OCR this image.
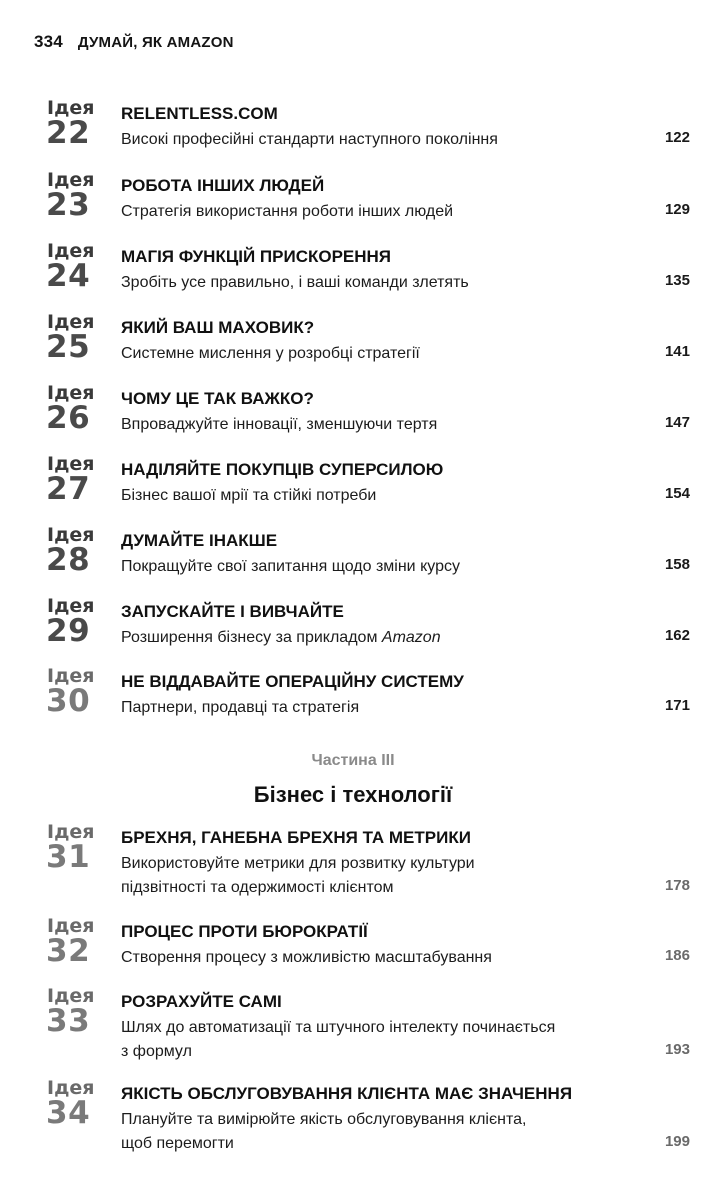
334 ДУМАЙ, ЯК AMAZON
Ідея
22
RELENTLESS.COM
Високі професійні стандарти наступного покоління	122
Ідея
23
РОБОТА ІНШИХ ЛЮДЕЙ
Стратегія використання роботи інших людей	129
Ідея
24
МАГІЯ ФУНКЦІЙ ПРИСКОРЕННЯ
Зробіть усе правильно, і ваші команди злетять	135
Ідея
25
ЯКИЙ ВАШ МАХОВИК?
Системне мислення у розробці стратегії	141
Ідея
26
ЧОМУ ЦЕ ТАК ВАЖКО?
Впроваджуйте інновації, зменшуючи тертя	147
Ідея
27
НАДІЛЯЙТЕ ПОКУПЦІВ СУПЕРСИЛОЮ
Бізнес вашої мрії та стійкі потреби	154
Ідея
28
ДУМАЙТЕ ІНАКШЕ
Покращуйте свої запитання щодо зміни курсу	158
Ідея
29
ЗАПУСКАЙТЕ І ВИВЧАЙТЕ
Розширення бізнесу за прикладом Amazon	162
Ідея
30
НЕ ВІДДАВАЙТЕ ОПЕРАЦІЙНУ СИСТЕМУ
Партнери, продавці та стратегія	171
Частина III
Бізнес і технології
Ідея
31
БРЕХНЯ, ГАНЕБНА БРЕХНЯ ТА МЕТРИКИ
Використовуйте метрики для розвитку культури
підзвітності та одержимості клієнтом	178
Ідея
32
ПРОЦЕС ПРОТИ БЮРОКРАТІЇ
Створення процесу з можливістю масштабування	186
Ідея
33
РОЗРАХУЙТЕ САМІ
Шлях до автоматизації та штучного інтелекту починається
з формул	193
Ідея
34
ЯКІСТЬ ОБСЛУГОВУВАННЯ КЛІЄНТА МАЄ ЗНАЧЕННЯ
Плануйте та вимірюйте якість обслуговування клієнта,
щоб перемогти	199
